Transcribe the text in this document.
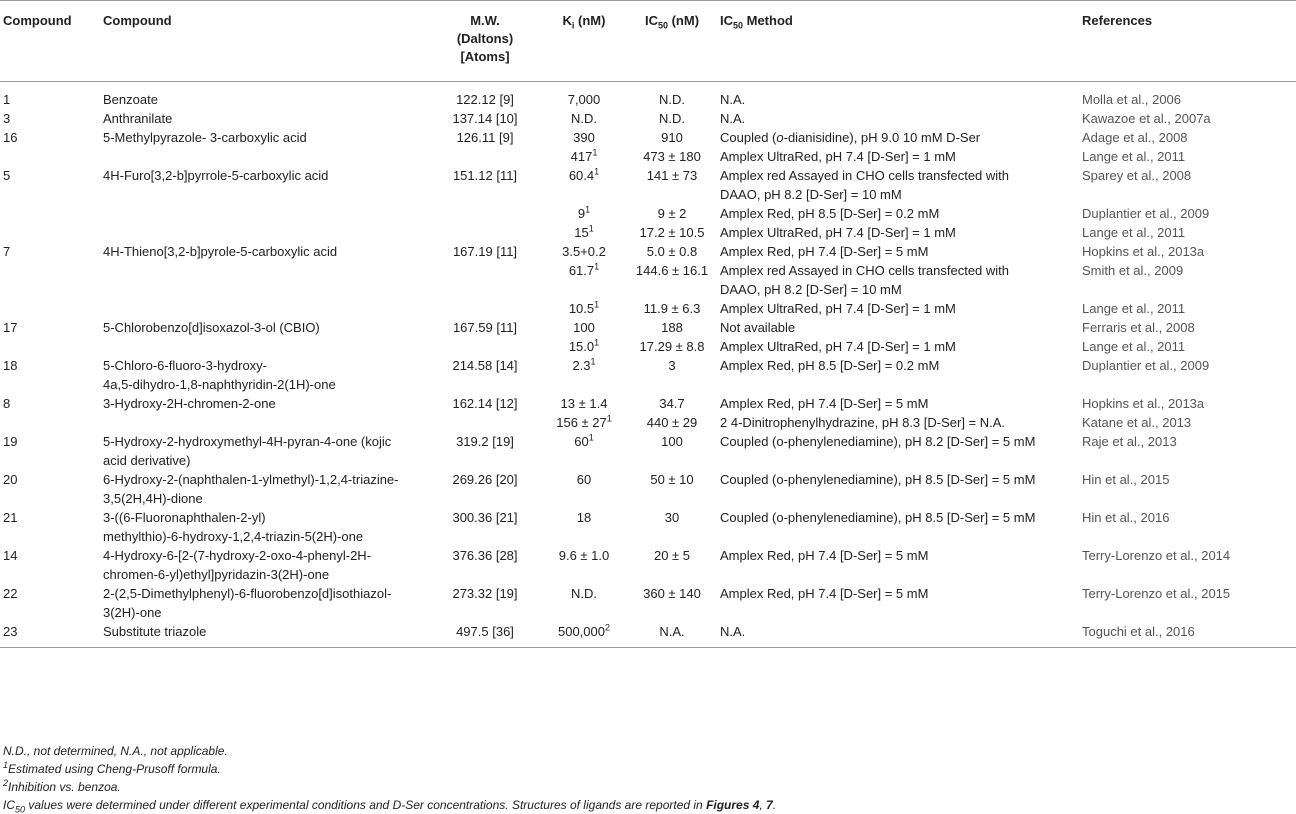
Compound	Compound	M.W.
(Daltons)
[Atoms]	$K_i$ (nM)	$IC_{50}$ (nM)	$IC_{50}$ Method	References
1	Benzoate	122.12 [9]	7,000	N.D.	N.A.	Molla et al., 2006
3	Anthranilate	137.14 [10]	N.D.	N.D.	N.A.	Kawazoe et al., 2007a
16	5-Methylpyrazole- 3-carboxylic acid	126.11 [9]	390	910	Coupled (o-dianisidine), pH 9.0 10 mM D-Ser	Adage et al., 2008
			$417^1$	473 ± 180	Amplex UltraRed, pH 7.4 [D-Ser] = 1 mM	Lange et al., 2011
5	4H-Furo[3,2-b]pyrrole-5-carboxylic acid	151.12 [11]	60.4$^1$	141 ± 73	Amplex red Assayed in CHO cells transfected with
DAAO, pH 8.2 [D-Ser] = 10 mM	Sparey et al., 2008
			$9^1$	9 ± 2	Amplex Red, pH 8.5 [D-Ser] = 0.2 mM	Duplantier et al., 2009
			$15^1$	17.2 ± 10.5	Amplex UltraRed, pH 7.4 [D-Ser] = 1 mM	Lange et al., 2011
7	4H-Thieno[3,2-b]pyrole-5-carboxylic acid	167.19 [11]	3.5+0.2	5.0 ± 0.8	Amplex Red, pH 7.4 [D-Ser] = 5 mM	Hopkins et al., 2013a
			61.7$^1$	144.6 ± 16.1	Amplex red Assayed in CHO cells transfected with
DAAO, pH 8.2 [D-Ser] = 10 mM	Smith et al., 2009
			10.5$^1$	11.9 ± 6.3	Amplex UltraRed, pH 7.4 [D-Ser] = 1 mM	Lange et al., 2011
17	5-Chlorobenzo[d]isoxazol-3-ol (CBIO)	167.59 [11]	100	188	Not available	Ferraris et al., 2008
			15.0$^1$	17.29 ± 8.8	Amplex UltraRed, pH 7.4 [D-Ser] = 1 mM	Lange et al., 2011
18	5-Chloro-6-fluoro-3-hydroxy-
4a,5-dihydro-1,8-naphthyridin-2(1H)-one	214.58 [14]	$2.3^1$	3	Amplex Red, pH 8.5 [D-Ser] = 0.2 mM	Duplantier et al., 2009
8	3-Hydroxy-2H-chromen-2-one	162.14 [12]	13 ± 1.4	34.7	Amplex Red, pH 7.4 [D-Ser] = 5 mM	Hopkins et al., 2013a
			$156 \pm 27^1$	440 ± 29	2 4-Dinitrophenylhydrazine, pH 8.3 [D-Ser] = N.A.	Katane et al., 2013
19	5-Hydroxy-2-hydroxymethyl-4H-pyran-4-one (kojic
acid derivative)	319.2 [19]	$60^1$	100	Coupled (o-phenylenediamine), pH 8.2 [D-Ser] = 5 mM	Raje et al., 2013
20	6-Hydroxy-2-(naphthalen-1-ylmethyl)-1,2,4-triazine-
3,5(2H,4H)-dione	269.26 [20]	60	50 ± 10	Coupled (o-phenylenediamine), pH 8.5 [D-Ser] = 5 mM	Hin et al., 2015
21	3-((6-Fluoronaphthalen-2-yl)
methylthio)-6-hydroxy-1,2,4-triazin-5(2H)-one	300.36 [21]	18	30	Coupled (o-phenylenediamine), pH 8.5 [D-Ser] = 5 mM	Hin et al., 2016
14	4-Hydroxy-6-[2-(7-hydroxy-2-oxo-4-phenyl-2H-
chromen-6-yl)ethyl]pyridazin-3(2H)-one	376.36 [28]	9.6 ± 1.0	20 ± 5	Amplex Red, pH 7.4 [D-Ser] = 5 mM	Terry-Lorenzo et al., 2014
22	2-(2,5-Dimethylphenyl)-6-fluorobenzo[d]isothiazol-
3(2H)-one	273.32 [19]	N.D.	360 ± 140	Amplex Red, pH 7.4 [D-Ser] = 5 mM	Terry-Lorenzo et al., 2015
23	Substitute triazole	497.5 [36]	500,000$^2$	N.A.	N.A.	Toguchi et al., 2016
N.D., not determined, N.A., not applicable.
$^1$Estimated using Cheng-Prusoff formula.
$^2$Inhibition vs. benzoa.
$IC_{50}$ values were determined under different experimental conditions and D-Ser concentrations. Structures of ligands are reported in Figures 4, 7.
